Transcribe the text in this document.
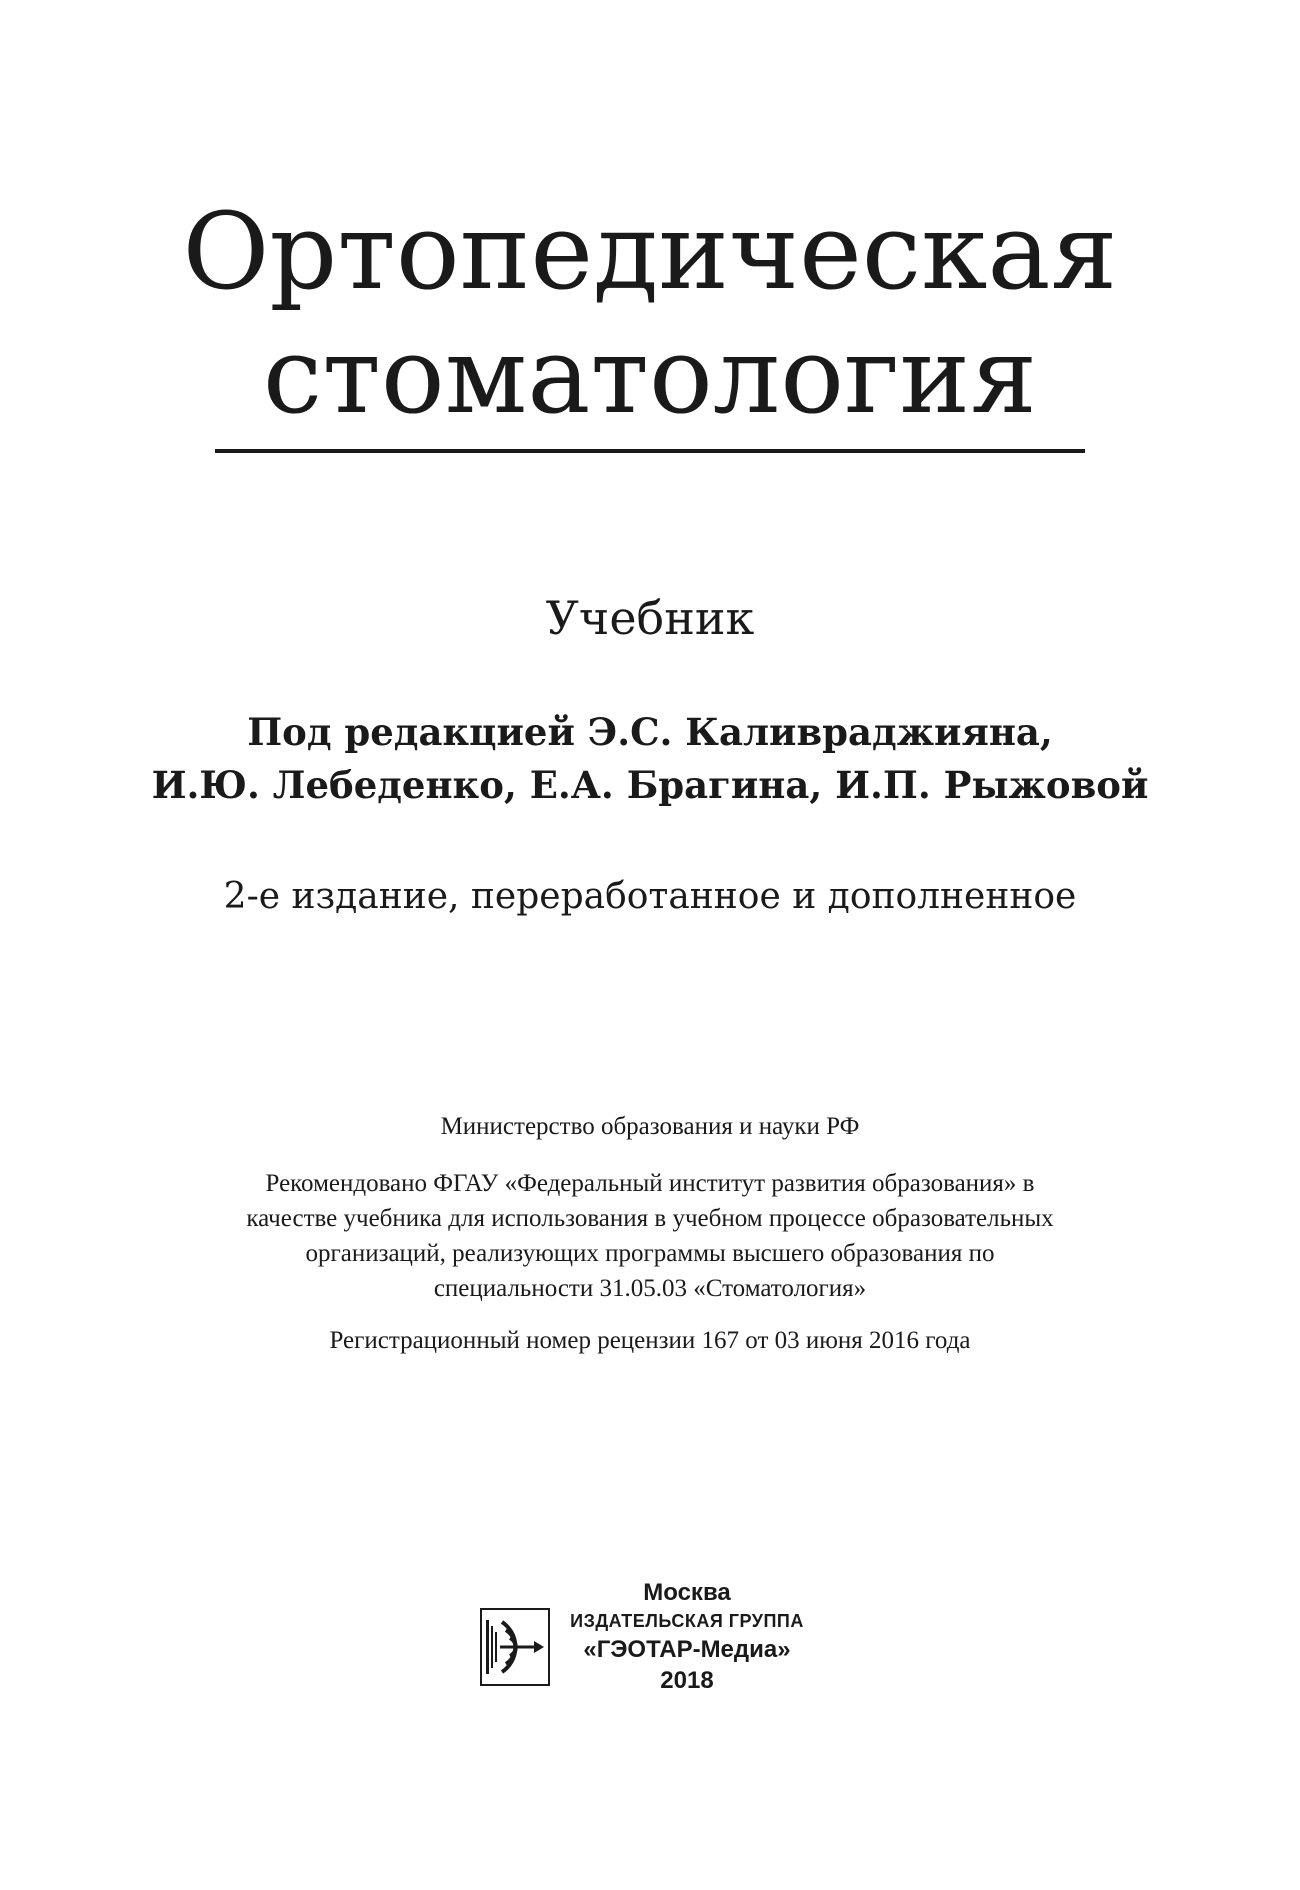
Ортопедическая
стоматология
Учебник
Под редакцией Э.С. Каливраджияна,
И.Ю. Лебеденко, Е.А. Брагина, И.П. Рыжовой
2-е издание, переработанное и дополненное
Министерство образования и науки РФ
Рекомендовано ФГАУ «Федеральный институт развития образования» в
качестве учебника для использования в учебном процессе образовательных
организаций, реализующих программы высшего образования по
специальности 31.05.03 «Стоматология»
Регистрационный номер рецензии 167 от 03 июня 2016 года
Москва
ИЗДАТЕЛЬСКАЯ ГРУППА
«ГЭОТАР-Медиа»
2018
